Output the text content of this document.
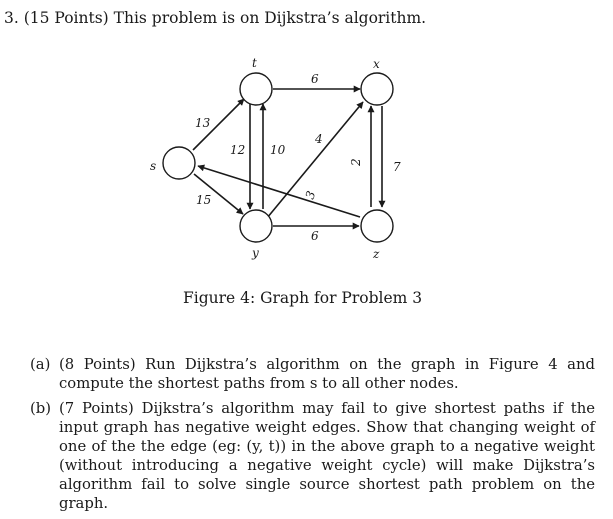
3. (15 Points) This problem is on Dijkstra’s algorithm.
s
t	x
y	z
13
15
6
12 10
4
6
7
2
3
Figure 4: Graph for Problem 3
(a) (8 Points) Run Dijkstra’s algorithm on the graph in Figure 4 and compute the shortest paths from s to all other nodes.
(b) (7 Points) Dijkstra’s algorithm may fail to give shortest paths if the input graph has negative weight edges. Show that changing weight of one of the the edge (eg: (y, t)) in the above graph to a negative weight (without introducing a negative weight cycle) will make Dijkstra’s algorithm fail to solve single source shortest path problem on the graph.
